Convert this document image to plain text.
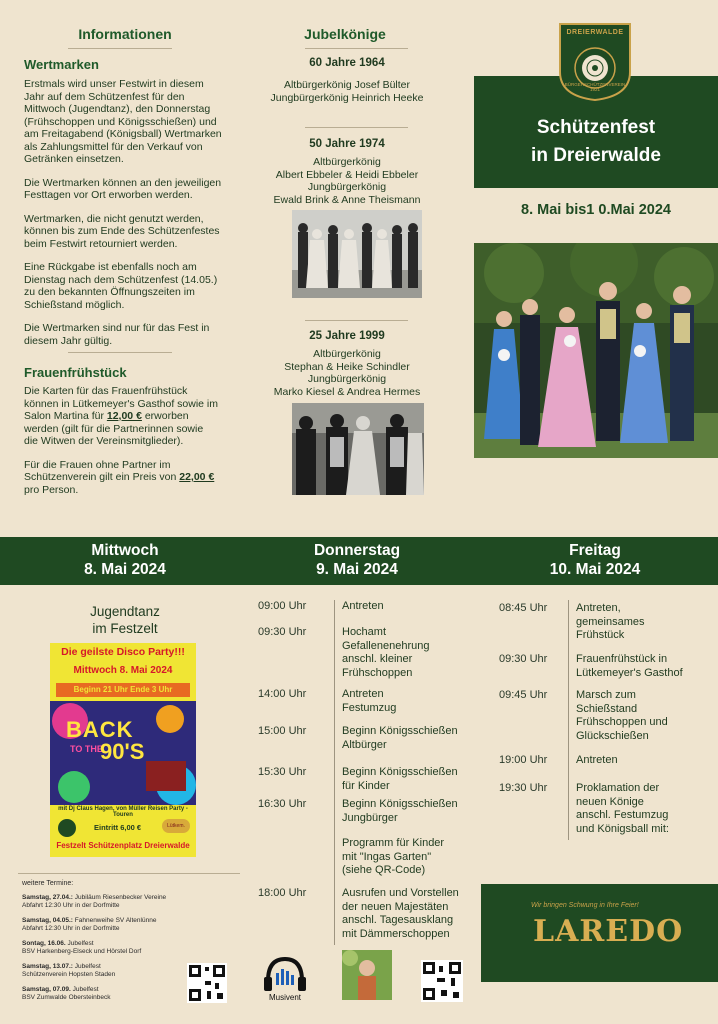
Informationen
Wertmarken
Erstmals wird unser Festwirt in diesem Jahr auf dem Schützenfest für den Mittwoch (Jugendtanz), den Donnerstag (Frühschoppen und Königsschießen) und am Freitagabend (Königsball) Wertmarken als Zahlungsmittel für den Verkauf von Getränken einsetzen.
Die Wertmarken können an den jeweiligen Festtagen vor Ort erworben werden.
Wertmarken, die nicht genutzt werden, können bis zum Ende des Schützenfestes beim Festwirt retourniert werden.
Eine Rückgabe ist ebenfalls noch am Dienstag nach dem Schützenfest (14.05.) zu den bekannten Öffnungszeiten im Schießstand möglich.
Die Wertmarken sind nur für das Fest in diesem Jahr gültig.
Frauenfrühstück
Die Karten für das Frauenfrühstück können in Lütkemeyer's Gasthof sowie im Salon Martina für 12,00 € erworben werden (gilt für die Partnerinnen sowie die Witwen der Vereinsmitglieder).
Für die Frauen ohne Partner im Schützenverein gilt ein Preis von 22,00 € pro Person.
Jubelkönige
60 Jahre 1964
Altbürgerkönig Josef Bülter
Jungbürgerkönig Heinrich Heeke
50 Jahre 1974
Altbürgerkönig
Albert Ebbeler & Heidi Ebbeler
Jungbürgerkönig
Ewald Brink & Anne Theismann
25 Jahre 1999
Altbürgerkönig
Stephan & Heike Schindler
Jungbürgerkönig
Marko Kiesel & Andrea Hermes
DREIERWALDE
BÜRGERSCHÜTZENVEREIN 1921
Schützenfest
in Dreierwalde
8. Mai bis1 0.Mai 2024
Mittwoch
8. Mai 2024
Donnerstag
9. Mai 2024
Freitag
10. Mai 2024
Jugendtanz
im Festzelt
Die geilste Disco Party!!!
Mittwoch 8. Mai 2024
Beginn 21 Uhr Ende 3 Uhr
BACK
TO THE
90'S
mit Dj Claus Hagen, von Müller Reisen Party - Touren
Eintritt 6,00 €	Lütkem.
Festzelt Schützenplatz Dreierwalde
weitere Termine:
Samstag, 27.04.: Jubiläum Riesenbecker Vereine
Abfahrt 12:30 Uhr in der Dorfmitte
Samstag, 04.05.: Fahnenweihe SV Altenlünne
Abfahrt 12:30 Uhr in der Dorfmitte
Sontag, 16.06. Jubelfest
BSV Harkenberg-Elseck und Hörstel Dorf
Samstag, 13.07.: Jubelfest
Schützenverein Hopsten Staden
Samstag, 07.09. Jubelfest
BSV Zumwalde Obersteinbeck
09:00 Uhr	Antreten
09:30 Uhr	Hochamt
Gefallenenehrung
anschl. kleiner
Frühschoppen
14:00 Uhr	Antreten
Festumzug
15:00 Uhr	Beginn Königsschießen
Altbürger
15:30 Uhr	Beginn Königsschießen
für Kinder
16:30 Uhr	Beginn Königsschießen
Jungbürger
Programm für Kinder
mit "Ingas Garten"
(siehe QR-Code)
18:00 Uhr	Ausrufen und Vorstellen
der neuen Majestäten
anschl. Tagesausklang
mit Dämmerschoppen
08:45 Uhr	Antreten,
gemeinsames
Frühstück
09:30 Uhr	Frauenfrühstück in
Lütkemeyer's Gasthof
09:45 Uhr	Marsch zum
Schießstand
Frühschoppen und
Glückschießen
19:00 Uhr	Antreten
19:30 Uhr	Proklamation der
neuen Könige
anschl. Festumzug
und Königsball mit:
Wir bringen Schwung in Ihre Feier!
LAREDO
Musivent
